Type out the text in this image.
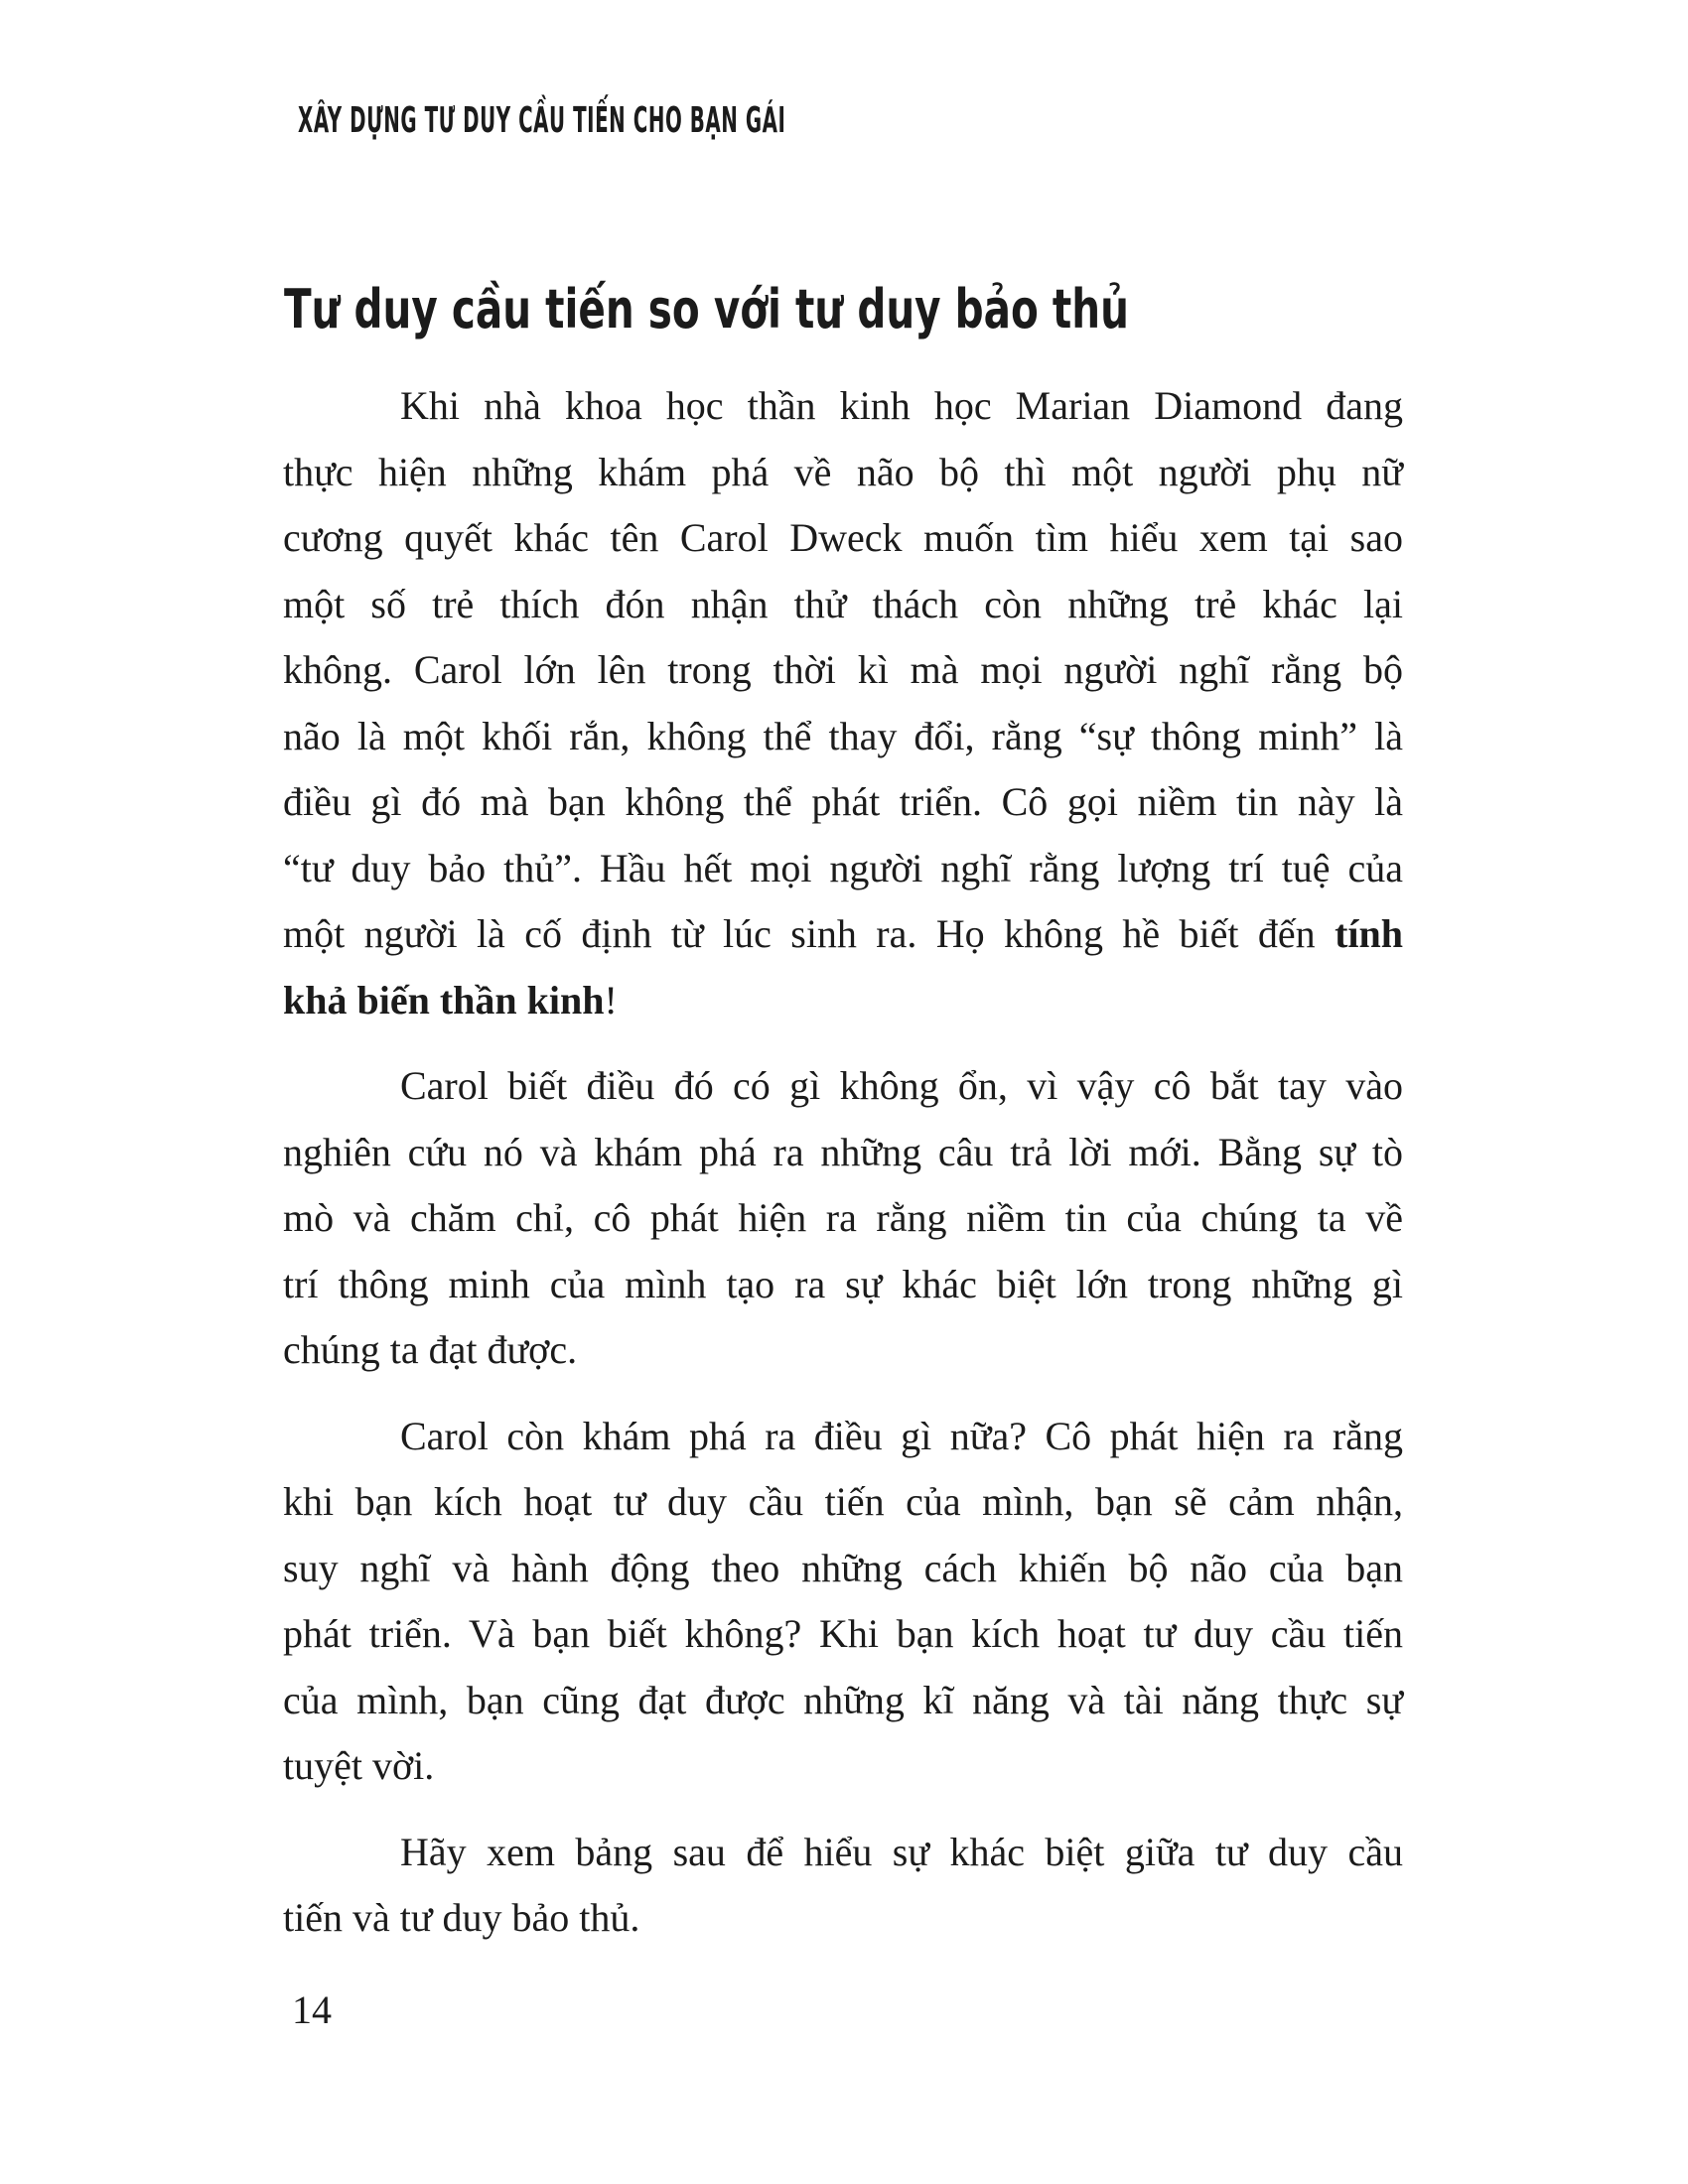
XÂY DỰNG TƯ DUY CẦU TIẾN CHO BẠN GÁI
Tư duy cầu tiến so với tư duy bảo thủ
Khi nhà khoa học thần kinh học Marian Diamond đang
thực hiện những khám phá về não bộ thì một người phụ nữ
cương quyết khác tên Carol Dweck muốn tìm hiểu xem tại sao
một số trẻ thích đón nhận thử thách còn những trẻ khác lại
không. Carol lớn lên trong thời kì mà mọi người nghĩ rằng bộ
não là một khối rắn, không thể thay đổi, rằng “sự thông minh” là
điều gì đó mà bạn không thể phát triển. Cô gọi niềm tin này là
“tư duy bảo thủ”. Hầu hết mọi người nghĩ rằng lượng trí tuệ của
một người là cố định từ lúc sinh ra. Họ không hề biết đến tính
khả biến thần kinh!
Carol biết điều đó có gì không ổn, vì vậy cô bắt tay vào
nghiên cứu nó và khám phá ra những câu trả lời mới. Bằng sự tò
mò và chăm chỉ, cô phát hiện ra rằng niềm tin của chúng ta về
trí thông minh của mình tạo ra sự khác biệt lớn trong những gì
chúng ta đạt được.
Carol còn khám phá ra điều gì nữa? Cô phát hiện ra rằng
khi bạn kích hoạt tư duy cầu tiến của mình, bạn sẽ cảm nhận,
suy nghĩ và hành động theo những cách khiến bộ não của bạn
phát triển. Và bạn biết không? Khi bạn kích hoạt tư duy cầu tiến
của mình, bạn cũng đạt được những kĩ năng và tài năng thực sự
tuyệt vời.
Hãy xem bảng sau để hiểu sự khác biệt giữa tư duy cầu
tiến và tư duy bảo thủ.
14
